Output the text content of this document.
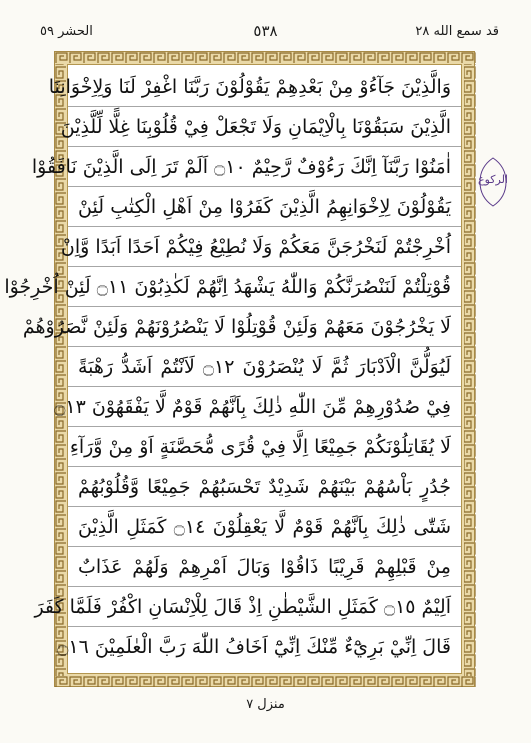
قد سمع الله ٢٨
٥٣٨
الحشر ٥٩
وَالَّذِيْنَ جَآءُوْ مِنْ بَعْدِهِمْ يَقُوْلُوْنَ رَبَّنَا اغْفِرْ لَنَا وَلِاِخْوَانِنَا
الَّذِيْنَ سَبَقُوْنَا بِالْاِيْمَانِ وَلَا تَجْعَلْ فِيْ قُلُوْبِنَا غِلًّا لِّلَّذِيْنَ
اٰمَنُوْا رَبَّنَآ اِنَّكَ رَءُوْفٌ رَّحِيْمٌ ۝١٠ اَلَمْ تَرَ اِلَى الَّذِيْنَ نَافَقُوْا
يَقُوْلُوْنَ لِاِخْوَانِهِمُ الَّذِيْنَ كَفَرُوْا مِنْ اَهْلِ الْكِتٰبِ لَئِنْ
اُخْرِجْتُمْ لَنَخْرُجَنَّ مَعَكُمْ وَلَا نُطِيْعُ فِيْكُمْ اَحَدًا اَبَدًا وَّاِنْ
قُوْتِلْتُمْ لَنَنْصُرَنَّكُمْ وَاللّٰهُ يَشْهَدُ اِنَّهُمْ لَكٰذِبُوْنَ ۝١١ لَئِنْ اُخْرِجُوْا
لَا يَخْرُجُوْنَ مَعَهُمْ وَلَئِنْ قُوْتِلُوْا لَا يَنْصُرُوْنَهُمْ وَلَئِنْ نَّصَرُوْهُمْ
لَيُوَلُّنَّ الْاَدْبَارَ ثُمَّ لَا يُنْصَرُوْنَ ۝١٢ لَاَنْتُمْ اَشَدُّ رَهْبَةً
فِيْ صُدُوْرِهِمْ مِّنَ اللّٰهِ ذٰلِكَ بِاَنَّهُمْ قَوْمٌ لَّا يَفْقَهُوْنَ ۝١٣
لَا يُقَاتِلُوْنَكُمْ جَمِيْعًا اِلَّا فِيْ قُرًى مُّحَصَّنَةٍ اَوْ مِنْ وَّرَآءِ
جُدُرٍ بَاْسُهُمْ بَيْنَهُمْ شَدِيْدٌ تَحْسَبُهُمْ جَمِيْعًا وَّقُلُوْبُهُمْ
شَتّٰى ذٰلِكَ بِاَنَّهُمْ قَوْمٌ لَّا يَعْقِلُوْنَ ۝١٤ كَمَثَلِ الَّذِيْنَ
مِنْ قَبْلِهِمْ قَرِيْبًا ذَاقُوْا وَبَالَ اَمْرِهِمْ وَلَهُمْ عَذَابٌ
اَلِيْمٌ ۝١٥ كَمَثَلِ الشَّيْطٰنِ اِذْ قَالَ لِلْاِنْسَانِ اكْفُرْ فَلَمَّا كَفَرَ
قَالَ اِنِّيْ بَرِيْٓءٌ مِّنْكَ اِنِّيْٓ اَخَافُ اللّٰهَ رَبَّ الْعٰلَمِيْنَ ۝١٦
الركوع
منزل ٧
